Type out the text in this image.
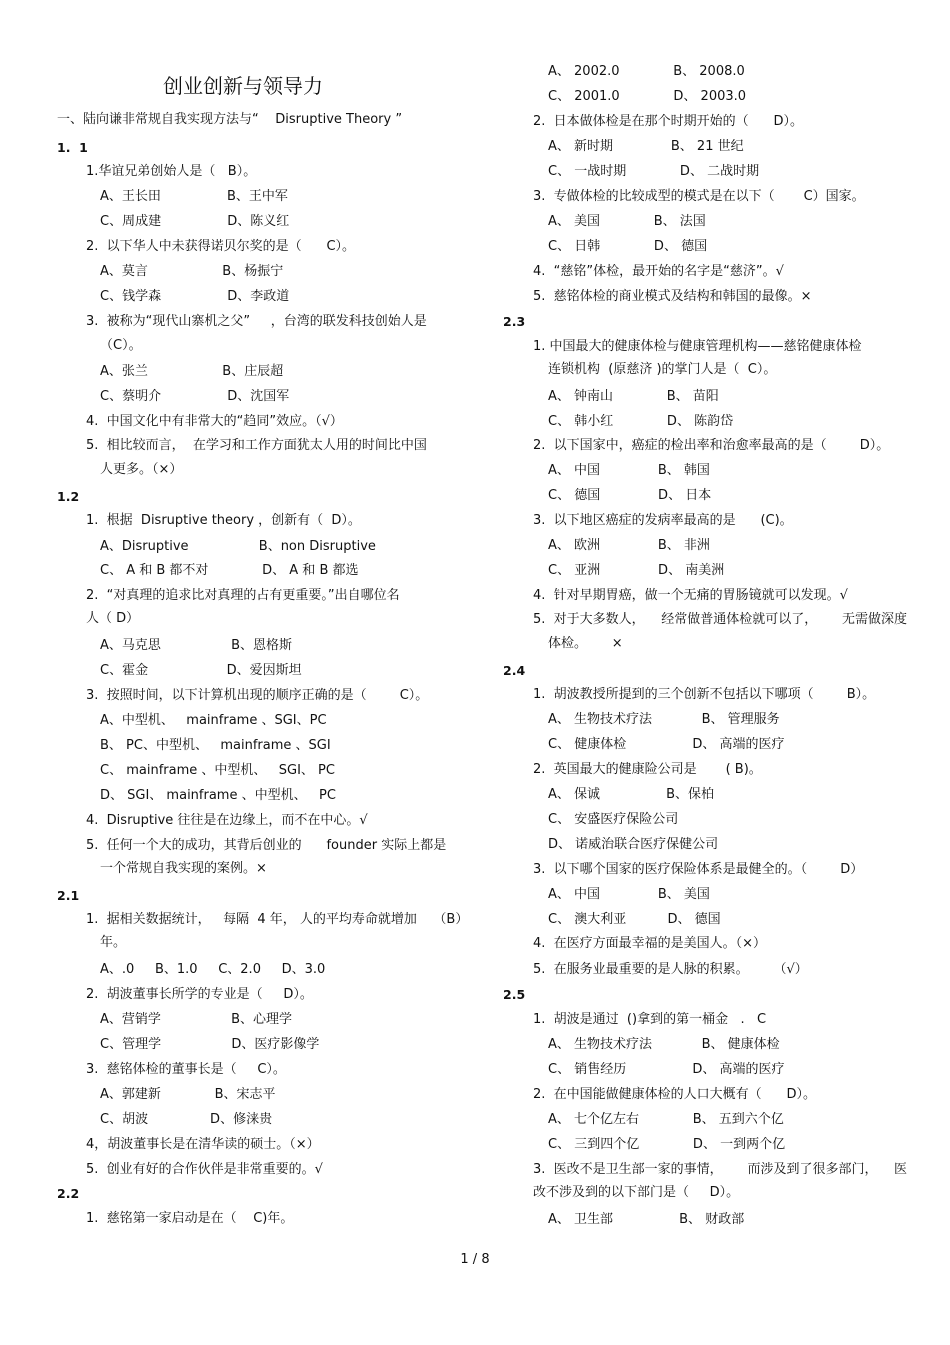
创业创新与领导力
一、陆向谦非常规自我实现方法与“    Disruptive Theory ”
1.  1
1.华谊兄弟创始人是（   B）。
A、王长田                B、王中军
C、周成建                D、陈义红
2.  以下华人中未获得诺贝尔奖的是（      C）。
A、莫言                  B、杨振宁
C、钱学森                D、李政道
3.  被称为“现代山寨机之父”     ，台湾的联发科技创始人是
（C）。
A、张兰                  B、庄辰超
C、蔡明介                D、沈国军
4.  中国文化中有非常大的“趋同”效应。（√）
5.  相比较而言，  在学习和工作方面犹太人用的时间比中国
人更多。（×）
1.2
1.  根据  Disruptive theory ，创新有（  D）。
A、Disruptive                 B、non Disruptive
C、 A 和 B 都不对             D、 A 和 B 都选
2.  “对真理的追求比对真理的占有更重要。”出自哪位名
人（ D）
A、马克思                 B、恩格斯
C、霍金                   D、爱因斯坦
3.  按照时间，以下计算机出现的顺序正确的是（        C）。
A、中型机、   mainframe 、SGI、PC
B、 PC、中型机、   mainframe 、SGI
C、 mainframe 、中型机、   SGI、 PC
D、 SGI、 mainframe 、中型机、   PC
4.  Disruptive 往往是在边缘上，而不在中心。√
5.  任何一个大的成功，其背后创业的      founder 实际上都是
一个常规自我实现的案例。×
2.1
1.  据相关数据统计，   每隔  4 年， 人的平均寿命就增加    （B）
年。
A、.0     B、1.0     C、2.0     D、3.0
2.  胡波董事长所学的专业是（     D）。
A、营销学                 B、心理学
C、管理学                 D、医疗影像学
3.  慈铭体检的董事长是（     C）。
A、郭建新             B、宋志平
C、胡波               D、修涞贵
4，胡波董事长是在清华读的硕士。（×）
5.  创业有好的合作伙伴是非常重要的。√
2.2
1.  慈铭第一家启动是在（    C)年。
A、 2002.0             B、 2008.0
C、 2001.0             D、 2003.0
2.  日本做体检是在那个时期开始的（      D）。
A、 新时期              B、 21 世纪
C、 一战时期             D、 二战时期
3.  专做体检的比较成型的模式是在以下（       C）国家。
A、 美国             B、 法国
C、 日韩             D、 德国
4.  “慈铭”体检，最开始的名字是“慈济”。√
5.  慈铭体检的商业模式及结构和韩国的最像。×
2.3
1. 中国最大的健康体检与健康管理机构——慈铭健康体检
连锁机构  (原慈济 )的掌门人是（  C）。
A、 钟南山             B、 苗阳
C、 韩小红             D、 陈韵岱
2.  以下国家中，癌症的检出率和治愈率最高的是（        D）。
A、 中国              B、 韩国
C、 德国              D、 日本
3.  以下地区癌症的发病率最高的是      (C)。
A、 欧洲              B、 非洲
C、 亚洲              D、 南美洲
4.  针对早期胃癌，做一个无痛的胃肠镜就可以发现。√
5.  对于大多数人，    经常做普通体检就可以了，      无需做深度
体检。      ×
2.4
1.  胡波教授所提到的三个创新不包括以下哪项（        B）。
A、 生物技术疗法            B、 管理服务
C、 健康体检                D、 高端的医疗
2.  英国最大的健康险公司是       ( B)。
A、 保诚                B、保柏
C、 安盛医疗保险公司
D、 诺威治联合医疗保健公司
3.  以下哪个国家的医疗保险体系是最健全的。（        D）
A、 中国              B、 美国
C、 澳大利亚          D、 德国
4.  在医疗方面最幸福的是美国人。（×）
5.  在服务业最重要的是人脉的积累。      （√）
2.5
1.  胡波是通过  ()拿到的第一桶金   .   C
A、 生物技术疗法            B、 健康体检
C、 销售经历                D、 高端的医疗
2.  在中国能做健康体检的人口大概有（      D）。
A、 七个亿左右             B、 五到六个亿
C、 三到四个亿             D、 一到两个亿
3.  医改不是卫生部一家的事情，      而涉及到了很多部门，    医
改不涉及到的以下部门是（     D）。
A、 卫生部                B、 财政部
1 / 8
